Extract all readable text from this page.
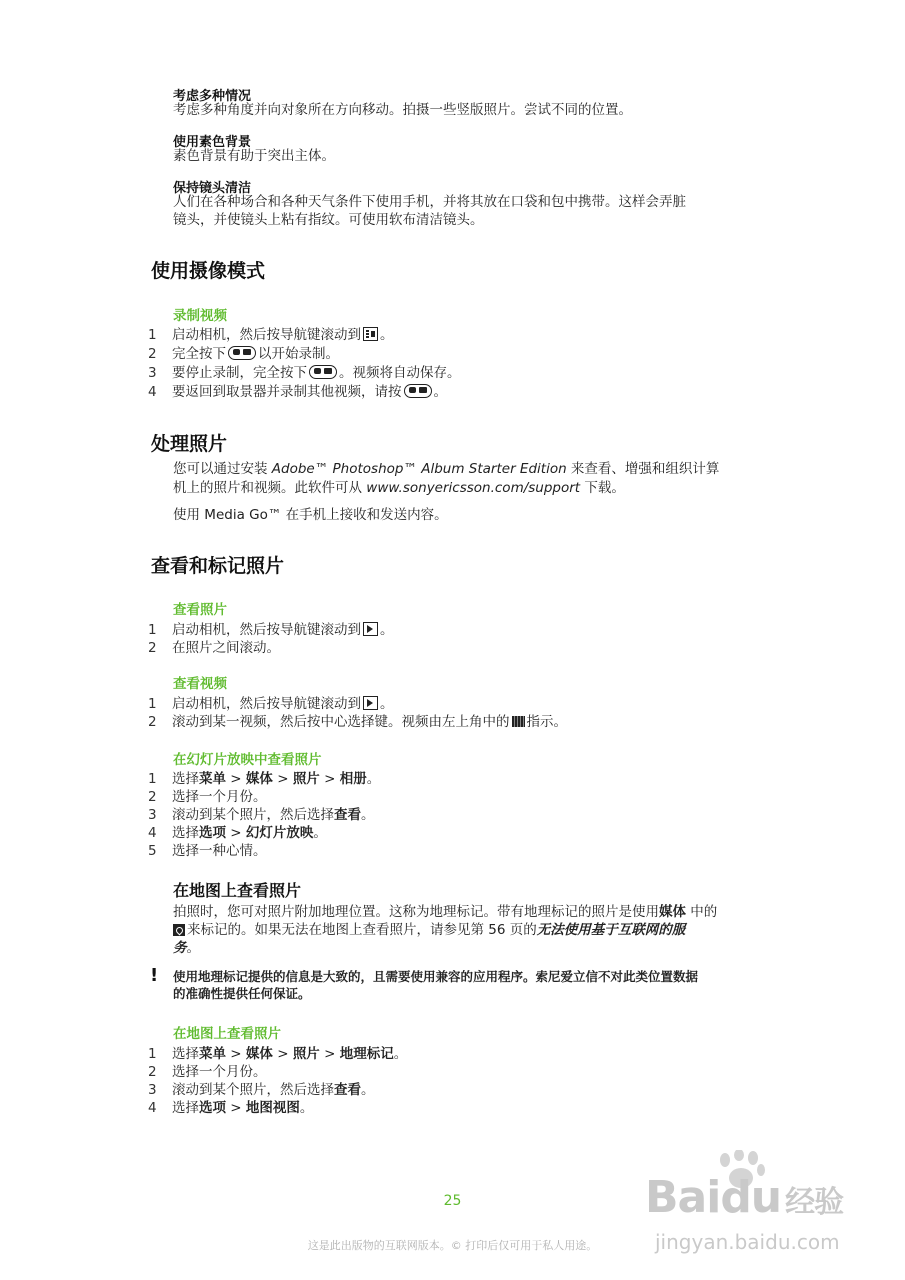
考虑多种情况
考虑多种角度并向对象所在方向移动。拍摄一些竖版照片。尝试不同的位置。
使用素色背景
素色背景有助于突出主体。
保持镜头清洁
人们在各种场合和各种天气条件下使用手机，并将其放在口袋和包中携带。这样会弄脏
镜头，并使镜头上粘有指纹。可使用软布清洁镜头。
使用摄像模式
录制视频
1 启动相机，然后按导航键滚动到 。
2 完全按下 以开始录制。
3 要停止录制，完全按下 。视频将自动保存。
4 要返回到取景器并录制其他视频，请按 。
处理照片
您可以通过安装 Adobe™ Photoshop™ Album Starter Edition 来查看、增强和组织计算
机上的照片和视频。此软件可从 www.sonyericsson.com/support 下载。
使用 Media Go™ 在手机上接收和发送内容。
查看和标记照片
查看照片
1 启动相机，然后按导航键滚动到 。
2 在照片之间滚动。
查看视频
1 启动相机，然后按导航键滚动到 。
2 滚动到某一视频，然后按中心选择键。视频由左上角中的 指示。
在幻灯片放映中查看照片
1 选择菜单 > 媒体 > 照片 > 相册。
2 选择一个月份。
3 滚动到某个照片，然后选择查看。
4 选择选项 > 幻灯片放映。
5 选择一种心情。
在地图上查看照片
拍照时，您可对照片附加地理位置。这称为地理标记。带有地理标记的照片是使用媒体 中的
来标记的。如果无法在地图上查看照片，请参见第 56 页的无法使用基于互联网的服
务。
! 使用地理标记提供的信息是大致的，且需要使用兼容的应用程序。索尼爱立信不对此类位置数据
的准确性提供任何保证。
在地图上查看照片
1 选择菜单 > 媒体 > 照片 > 地理标记。
2 选择一个月份。
3 滚动到某个照片，然后选择查看。
4 选择选项 > 地图视图。
25
这是此出版物的互联网版本。© 打印后仅可用于私人用途。
Baidu 经验
jingyan.baidu.com
